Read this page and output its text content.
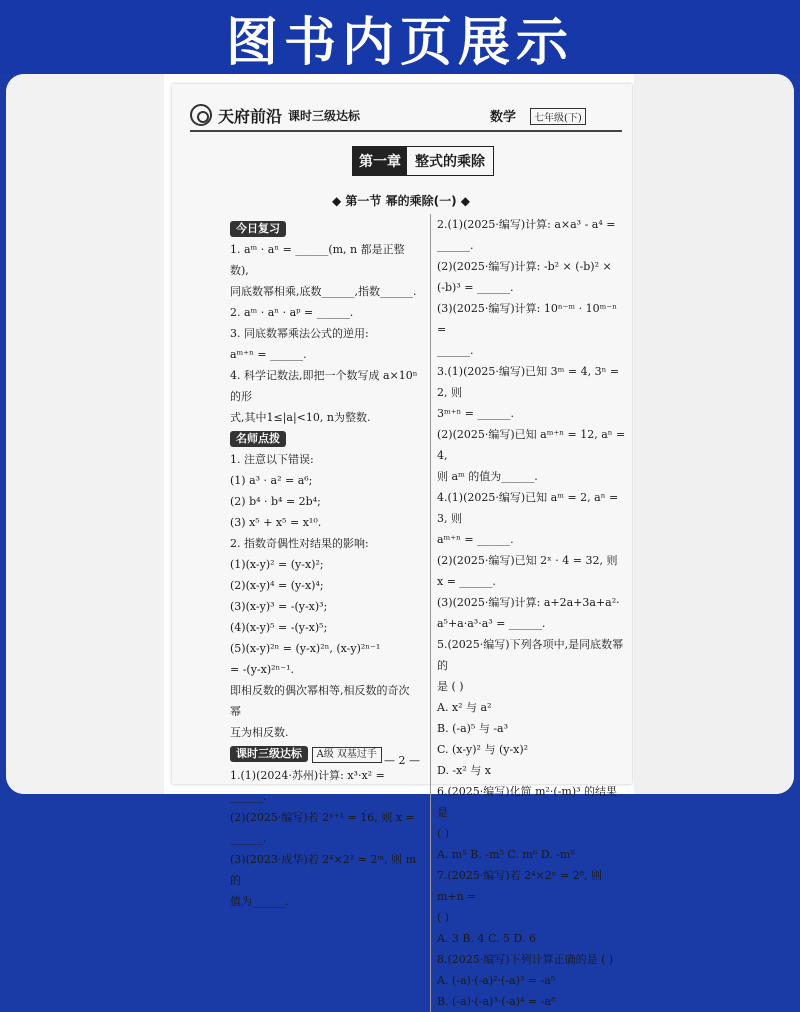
图书内页展示
天府前沿 课时三级达标	数学	七年级(下)
第一章	整式的乘除
◆ 第一节 幂的乘除(一) ◆
今日复习

1. aᵐ · aⁿ = ______(m, n 都是正整数),

同底数幂相乘,底数______,指数______.

2. aᵐ · aⁿ · aᵖ = ______.

3. 同底数幂乘法公式的逆用:

aᵐ⁺ⁿ = ______.

4. 科学记数法,即把一个数写成 a×10ⁿ 的形

式,其中1≤|a|<10, n为整数.

名师点拨

1. 注意以下错误:

(1) a³ · a² = a⁶;

(2) b⁴ · b⁴ = 2b⁴;

(3) x⁵ + x⁵ = x¹⁰.

2. 指数奇偶性对结果的影响:

(1)(x-y)² = (y-x)²;

(2)(x-y)⁴ = (y-x)⁴;

(3)(x-y)³ = -(y-x)³;

(4)(x-y)⁵ = -(y-x)⁵;

(5)(x-y)²ⁿ = (y-x)²ⁿ, (x-y)²ⁿ⁻¹

= -(y-x)²ⁿ⁻¹.

即相反数的偶次幂相等,相反数的奇次幂

互为相反数.

课时三级达标 A级 双基过手

1.(1)(2024·苏州)计算: x³·x² = ______.

(2)(2025·编写)若 2ˣ⁺¹ = 16, 则 x =

______.

(3)(2023·成华)若 2⁴×2² = 2ᵐ, 则 m 的

值为______.

2.(1)(2025·编写)计算: a×a³ - a⁴ =

______.

(2)(2025·编写)计算: -b² × (-b)² ×

(-b)³ = ______.

(3)(2025·编写)计算: 10ⁿ⁻ᵐ · 10ᵐ⁻ⁿ =

______.

3.(1)(2025·编写)已知 3ᵐ = 4, 3ⁿ = 2, 则

3ᵐ⁺ⁿ = ______.

(2)(2025·编写)已知 aᵐ⁺ⁿ = 12, aⁿ = 4,

则 aᵐ 的值为______.

4.(1)(2025·编写)已知 aᵐ = 2, aⁿ = 3, 则

aᵐ⁺ⁿ = ______.

(2)(2025·编写)已知 2ˣ · 4 = 32, 则

x = ______.

(3)(2025·编写)计算: a+2a+3a+a²·

a⁵+a·a³·a³ = ______.

5.(2025·编写)下列各项中,是同底数幂的

是 ( )

A. x² 与 a²

B. (-a)⁵ 与 -a³

C. (x-y)² 与 (y-x)²

D. -x² 与 x

6.(2025·编写)化简 m²·(-m)³ 的结果是

( )

A. m⁵ B. -m⁵ C. m⁶ D. -m⁶

7.(2025·编写)若 2⁴×2ⁿ = 2⁸, 则 m+n =

( )

A. 3 B. 4 C. 5 D. 6

8.(2025·编写)下列计算正确的是 ( )

A. (-a)·(-a)²·(-a)³ = -a⁵

B. (-a)·(-a)³·(-a)⁴ = -a⁸

— 2 —
